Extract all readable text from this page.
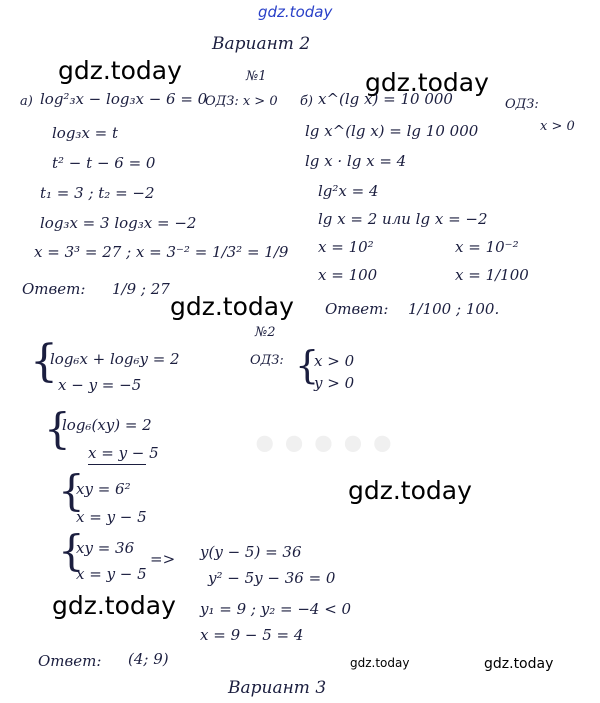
•••••
gdz.today
gdz.today	gdz.today
gdz.today
gdz.today
gdz.today
gdz.today	gdz.today
Вариант 2
№1
а) log²₃x − log₃x − 6 = 0
ОДЗ: x > 0
log₃x = t
t² − t − 6 = 0
t₁ = 3 ; t₂ = −2
log₃x = 3 log₃x = −2
x = 3³ = 27 ; x = 3⁻² = 1/3² = 1/9
Ответ: 1/9 ; 27
б) x^(lg x) = 10 000	ОДЗ:
x > 0
lg x^(lg x) = lg 10 000
lg x · lg x = 4
lg²x = 4
lg x = 2 или lg x = −2
x = 10²	x = 10⁻²
x = 100	x = 1/100
Ответ: 1/100 ; 100.
№2
{
log₆x + log₆y = 2
x − y = −5
ОДЗ: {
x > 0
y > 0
{
log₆(xy) = 2
x = y − 5
{
xy = 6²
x = y − 5
{
xy = 36
x = y − 5
=> y(y − 5) = 36
y² − 5y − 36 = 0
y₁ = 9 ; y₂ = −4 < 0
x = 9 − 5 = 4
Ответ: (4; 9)
Вариант 3
